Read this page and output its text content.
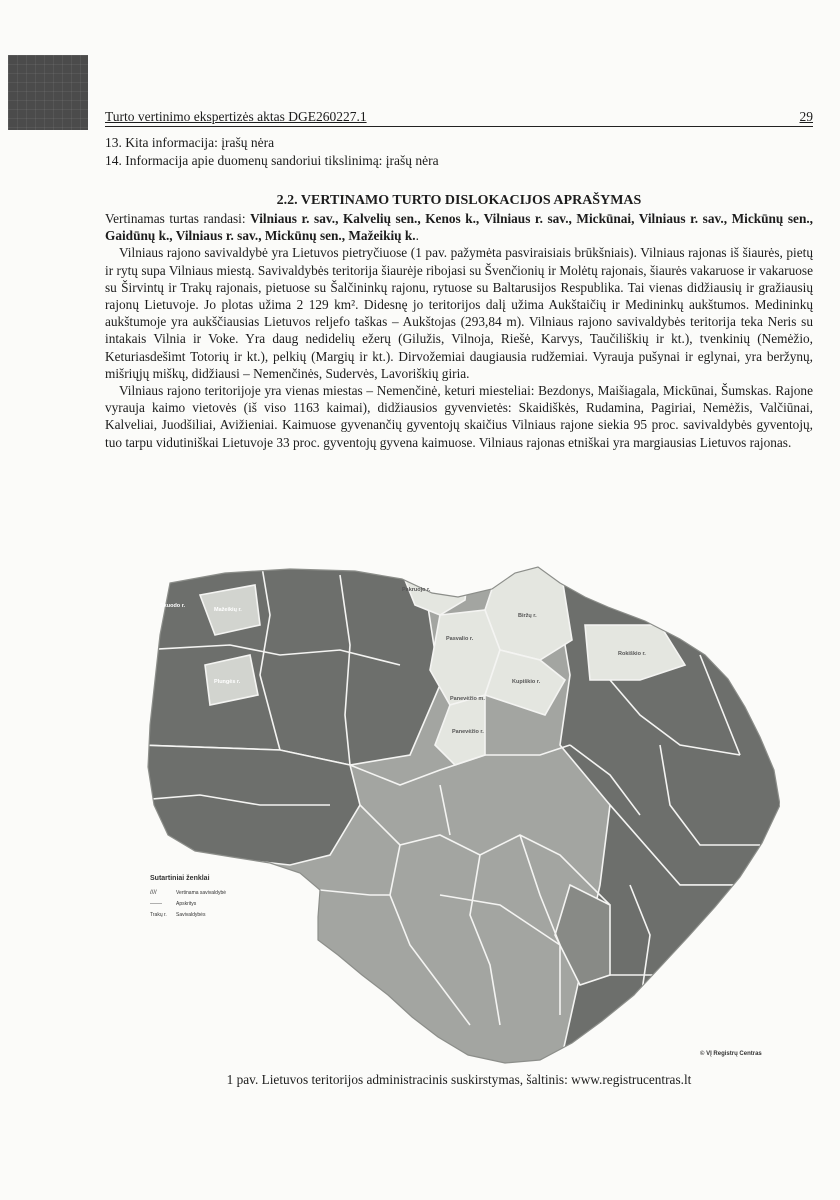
Turto vertinimo ekspertizės aktas DGE260227.1	29
13. Kita informacija: įrašų nėra
14. Informacija apie duomenų sandoriui tikslinimą: įrašų nėra
2.2. VERTINAMO TURTO DISLOKACIJOS APRAŠYMAS

Vertinamas turtas randasi: Vilniaus r. sav., Kalvelių sen., Kenos k., Vilniaus r. sav., Mickūnai, Vilniaus r. sav., Mickūnų sen., Gaidūnų k., Vilniaus r. sav., Mickūnų sen., Mažeikių k..

Vilniaus rajono savivaldybė yra Lietuvos pietryčiuose (1 pav. pažymėta pasviraisiais brūkšniais). Vilniaus rajonas iš šiaurės, pietų ir rytų supa Vilniaus miestą. Savivaldybės teritorija šiaurėje ribojasi su Švenčionių ir Molėtų rajonais, šiaurės vakaruose ir vakaruose su Širvintų ir Trakų rajonais, pietuose su Šalčininkų rajonu, rytuose su Baltarusijos Respublika. Tai vienas didžiausių ir gražiausių rajonų Lietuvoje. Jo plotas užima 2 129 km². Didesnę jo teritorijos dalį užima Aukštaičių ir Medininkų aukštumos. Medininkų aukštumoje yra aukščiausias Lietuvos reljefo taškas – Aukštojas (293,84 m). Vilniaus rajono savivaldybės teritorija teka Neris su intakais Vilnia ir Voke. Yra daug nedidelių ežerų (Gilužis, Vilnoja, Riešė, Karvys, Taučiliškių ir kt.), tvenkinių (Nemėžio, Keturiasdešimt Totorių ir kt.), pelkių (Margių ir kt.). Dirvožemiai daugiausia rudžemiai. Vyrauja pušynai ir eglynai, yra beržynų, mišriųjų miškų, didžiausi – Nemenčinės, Sudervės, Lavoriškių giria.

Vilniaus rajono teritorijoje yra vienas miestas – Nemenčinė, keturi miesteliai: Bezdonys, Maišiagala, Mickūnai, Šumskas. Rajone vyrauja kaimo vietovės (iš viso 1163 kaimai), didžiausios gyvenvietės: Skaidiškės, Rudamina, Pagiriai, Nemėžis, Valčiūnai, Kalveliai, Juodšiliai, Avižieniai. Kaimuose gyvenančių gyventojų skaičius Vilniaus rajone siekia 95 proc. savivaldybės gyventojų, tuo tarpu vidutiniškai Lietuvoje 33 proc. gyventojų gyvena kaimuose. Vilniaus rajonas etniškai yra margiausias Lietuvos rajonas.

Mažeikių r.
Skuodo r.
Plungės r.
Biržų r.
Pasvalio r.
Rokiškio r.
Kupiškio r.
Panevėžio r.
Panevėžio m.
Pakruojo r.
Sutartiniai ženklai
////	Vertinama savivaldybė
------	Apskritys
Trakų r. Savivaldybės
© VĮ Registrų Centras
1 pav. Lietuvos teritorijos administracinis suskirstymas, šaltinis: www.registrucentras.lt
